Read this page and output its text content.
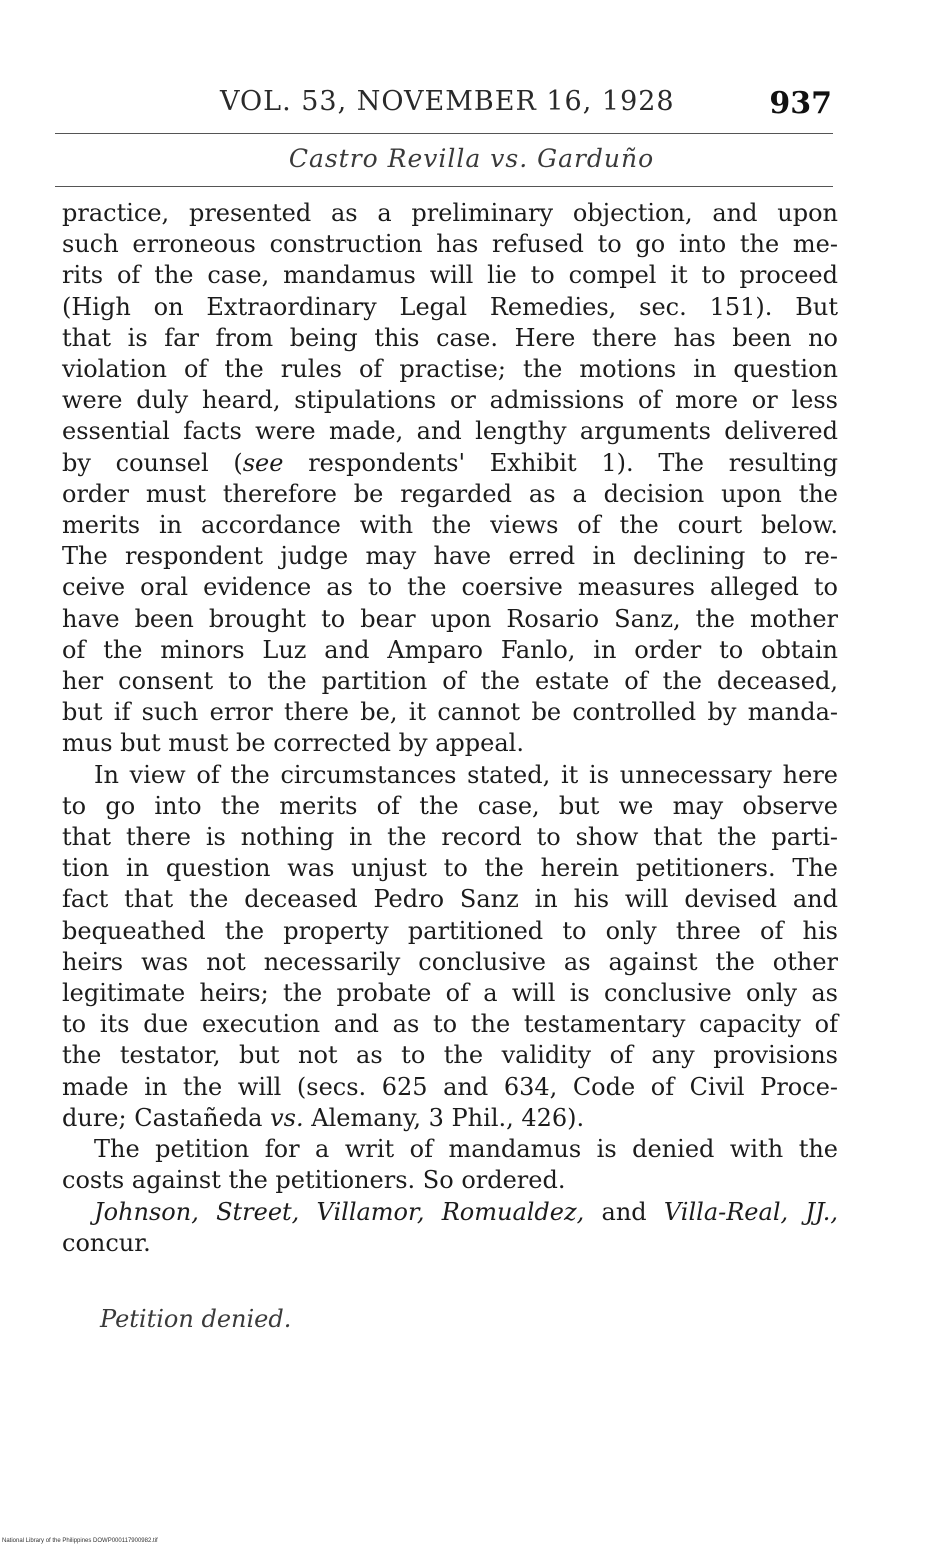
VOL. 53, NOVEMBER 16, 1928	937
Castro Revilla vs. Garduño

practice, presented as a preliminary objection, and upon
such erroneous construction has refused to go into the me-
rits of the case, mandamus will lie to compel it to proceed
(High on Extraordinary Legal Remedies, sec. 151). But
that is far from being this case. Here there has been no
violation of the rules of practise; the motions in question
were duly heard, stipulations or admissions of more or less
essential facts were made, and lengthy arguments delivered
by counsel (see respondents' Exhibit 1). The resulting
order must therefore be regarded as a decision upon the
merits in accordance with the views of the court below.
The respondent judge may have erred in declining to re-
ceive oral evidence as to the coersive measures alleged to
have been brought to bear upon Rosario Sanz, the mother
of the minors Luz and Amparo Fanlo, in order to obtain
her consent to the partition of the estate of the deceased,
but if such error there be, it cannot be controlled by manda-
mus but must be corrected by appeal.

In view of the circumstances stated, it is unnecessary here
to go into the merits of the case, but we may observe
that there is nothing in the record to show that the parti-
tion in question was unjust to the herein petitioners. The
fact that the deceased Pedro Sanz in his will devised and
bequeathed the property partitioned to only three of his
heirs was not necessarily conclusive as against the other
legitimate heirs; the probate of a will is conclusive only as
to its due execution and as to the testamentary capacity of
the testator, but not as to the validity of any provisions
made in the will (secs. 625 and 634, Code of Civil Proce-
dure; Castañeda vs. Alemany, 3 Phil., 426).

The petition for a writ of mandamus is denied with the
costs against the petitioners. So ordered.

Johnson, Street, Villamor, Romualdez, and Villa-Real, JJ.,
concur.

Petition denied.
National Library of the Philippines DOWP000117900982.tif
